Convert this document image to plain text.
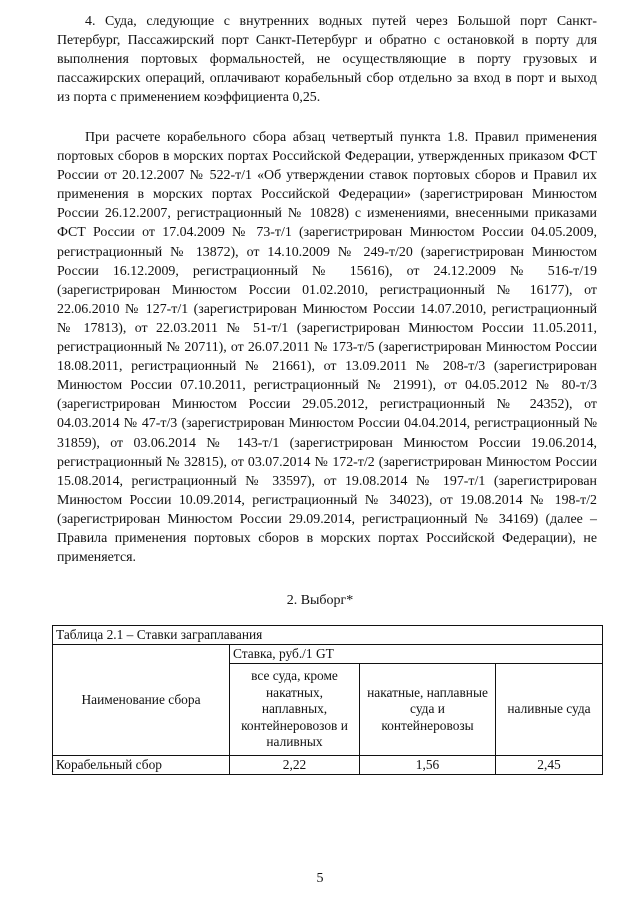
4. Суда, следующие с внутренних водных путей через Большой порт Санкт-Петербург, Пассажирский порт Санкт-Петербург и обратно с остановкой в порту для выполнения портовых формальностей, не осуществляющие в порту грузовых и пассажирских операций, оплачивают корабельный сбор отдельно за вход в порт и выход из порта с применением коэффициента 0,25.

При расчете корабельного сбора абзац четвертый пункта 1.8. Правил применения портовых сборов в морских портах Российской Федерации, утвержденных приказом ФСТ России от 20.12.2007 № 522-т/1 «Об утверждении ставок портовых сборов и Правил их применения в морских портах Российской Федерации» (зарегистрирован Минюстом России 26.12.2007, регистрационный № 10828) с изменениями, внесенными приказами ФСТ России от 17.04.2009 № 73-т/1 (зарегистрирован Минюстом России 04.05.2009, регистрационный № 13872), от 14.10.2009 № 249-т/20 (зарегистрирован Минюстом России 16.12.2009, регистрационный № 15616), от 24.12.2009 № 516-т/19 (зарегистрирован Минюстом России 01.02.2010, регистрационный № 16177), от 22.06.2010 № 127-т/1 (зарегистрирован Минюстом России 14.07.2010, регистрационный № 17813), от 22.03.2011 № 51-т/1 (зарегистрирован Минюстом России 11.05.2011, регистрационный № 20711), от 26.07.2011 № 173-т/5 (зарегистрирован Минюстом России 18.08.2011, регистрационный № 21661), от 13.09.2011 № 208-т/3 (зарегистрирован Минюстом России 07.10.2011, регистрационный № 21991), от 04.05.2012 № 80-т/3 (зарегистрирован Минюстом России 29.05.2012, регистрационный № 24352), от 04.03.2014 № 47-т/3 (зарегистрирован Минюстом России 04.04.2014, регистрационный № 31859), от 03.06.2014 № 143-т/1 (зарегистрирован Минюстом России 19.06.2014, регистрационный № 32815), от 03.07.2014 № 172-т/2 (зарегистрирован Минюстом России 15.08.2014, регистрационный № 33597), от 19.08.2014 № 197-т/1 (зарегистрирован Минюстом России 10.09.2014, регистрационный № 34023), от 19.08.2014 № 198-т/2 (зарегистрирован Минюстом России 29.09.2014, регистрационный № 34169) (далее – Правила применения портовых сборов в морских портах Российской Федерации), не применяется.

2. Выборг*

Таблица 2.1 – Ставки заграплавания			
Наименование сбора	Ставка, руб./1 GT		
	все суда, кроме накатных, наплавных, контейнеровозов и наливных	накатные, наплавные суда и контейнеровозы	наливные суда
Корабельный сбор	2,22	1,56	2,45
5
